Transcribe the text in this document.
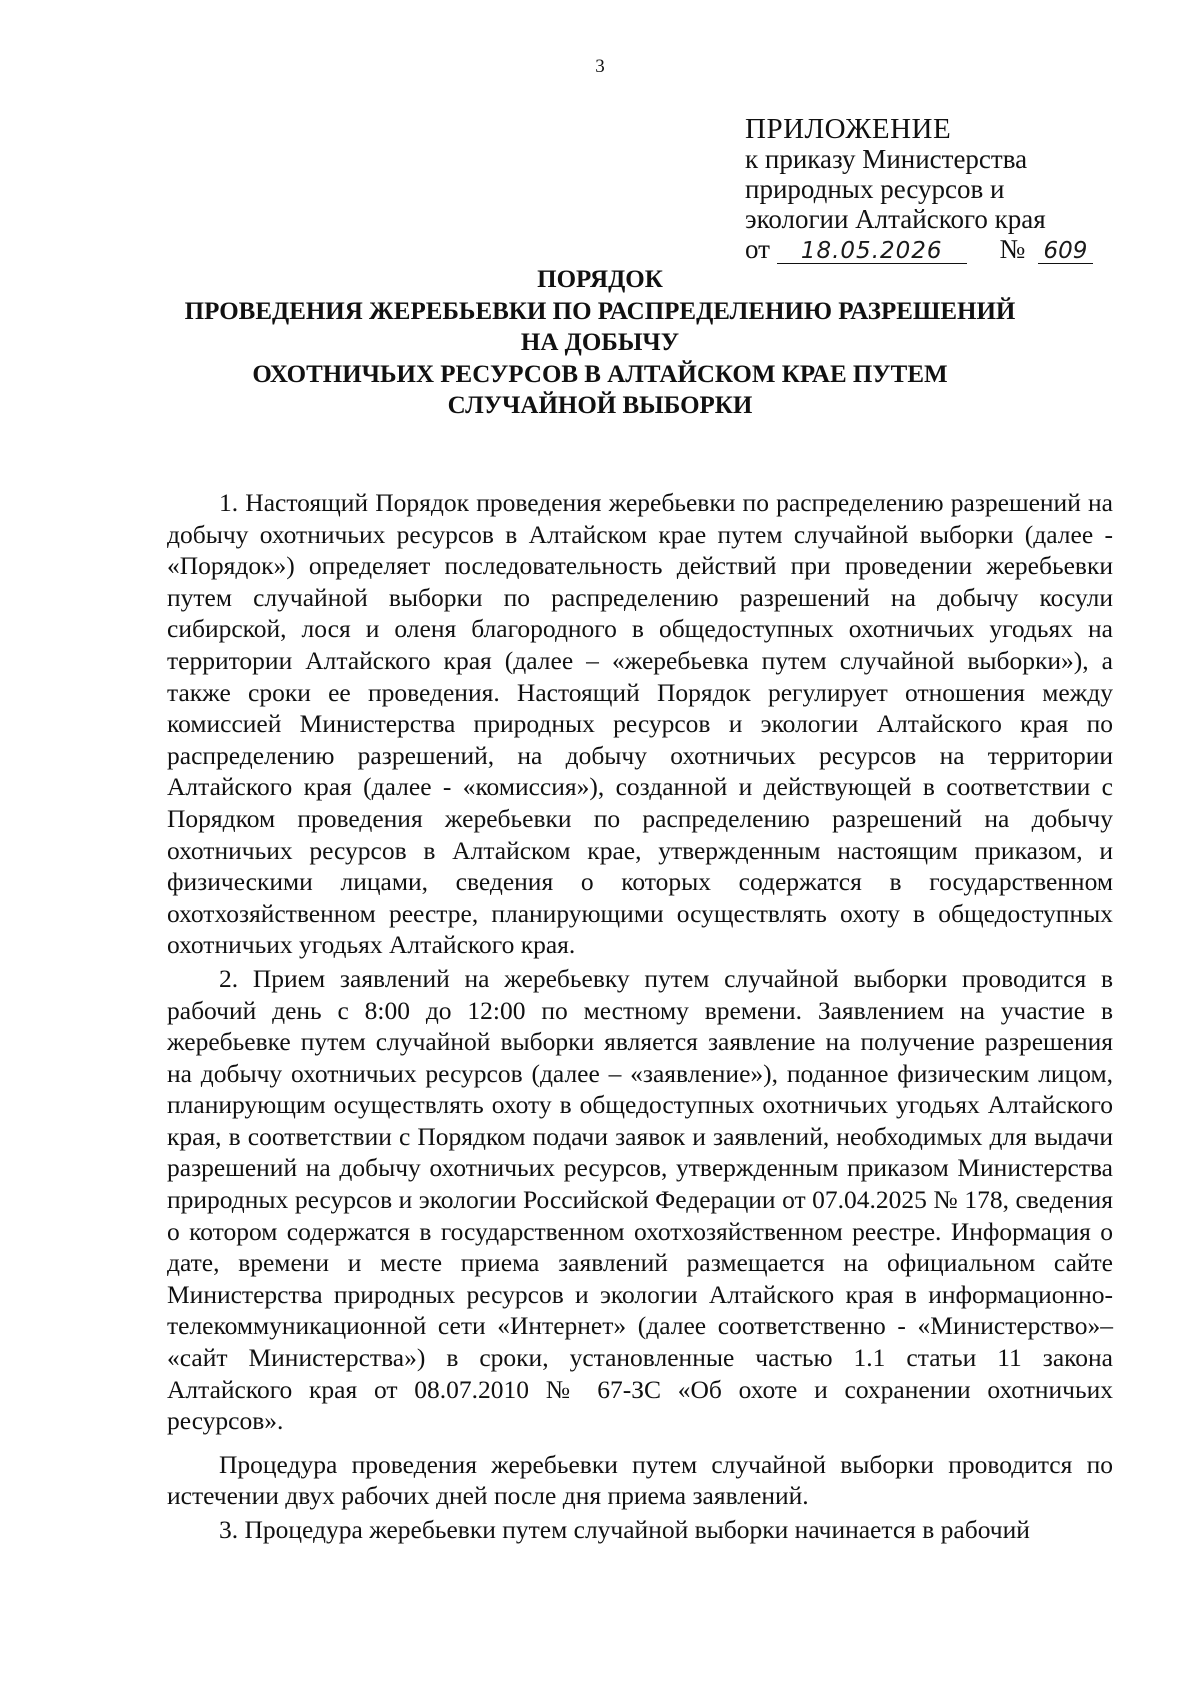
3
ПРИЛОЖЕНИЕ
к приказу Министерства
природных ресурсов и
экологии Алтайского края
от 18.05.2026 № 609
ПОРЯДОК
ПРОВЕДЕНИЯ ЖЕРЕБЬЕВКИ ПО РАСПРЕДЕЛЕНИЮ РАЗРЕШЕНИЙ
НА ДОБЫЧУ
ОХОТНИЧЬИХ РЕСУРСОВ В АЛТАЙСКОМ КРАЕ ПУТЕМ
СЛУЧАЙНОЙ ВЫБОРКИ

1. Настоящий Порядок проведения жеребьевки по распределению разрешений на добычу охотничьих ресурсов в Алтайском крае путем случайной выборки (далее - «Порядок») определяет последовательность действий при проведении жеребьевки путем случайной выборки по распределению разрешений на добычу косули сибирской, лося и оленя благородного в общедоступных охотничьих угодьях на территории Алтайского края (далее – «жеребьевка путем случайной выборки»), а также сроки ее проведения. Настоящий Порядок регулирует отношения между комиссией Министерства природных ресурсов и экологии Алтайского края по распределению разрешений, на добычу охотничьих ресурсов на территории Алтайского края (далее - «комиссия»), созданной и действующей в соответствии с Порядком проведения жеребьевки по распределению разрешений на добычу охотничьих ресурсов в Алтайском крае, утвержденным настоящим приказом, и физическими лицами, сведения о которых содержатся в государственном охотхозяйственном реестре, планирующими осуществлять охоту в общедоступных охотничьих угодьях Алтайского края.

2. Прием заявлений на жеребьевку путем случайной выборки проводится в рабочий день с 8:00 до 12:00 по местному времени. Заявлением на участие в жеребьевке путем случайной выборки является заявление на получение разрешения на добычу охотничьих ресурсов (далее – «заявление»), поданное физическим лицом, планирующим осуществлять охоту в общедоступных охотничьих угодьях Алтайского края, в соответствии с Порядком подачи заявок и заявлений, необходимых для выдачи разрешений на добычу охотничьих ресурсов, утвержденным приказом Министерства природных ресурсов и экологии Российской Федерации от 07.04.2025 № 178, сведения о котором содержатся в государственном охотхозяйственном реестре. Информация о дате, времени и месте приема заявлений размещается на официальном сайте Министерства природных ресурсов и экологии Алтайского края в информационно-телекоммуникационной сети «Интернет» (далее соответственно - «Министерство»– «сайт Министерства») в сроки, установленные частью 1.1 статьи 11 закона Алтайского края от 08.07.2010 № 67-ЗС «Об охоте и сохранении охотничьих ресурсов».

Процедура проведения жеребьевки путем случайной выборки проводится по истечении двух рабочих дней после дня приема заявлений.

3. Процедура жеребьевки путем случайной выборки начинается в рабочий
